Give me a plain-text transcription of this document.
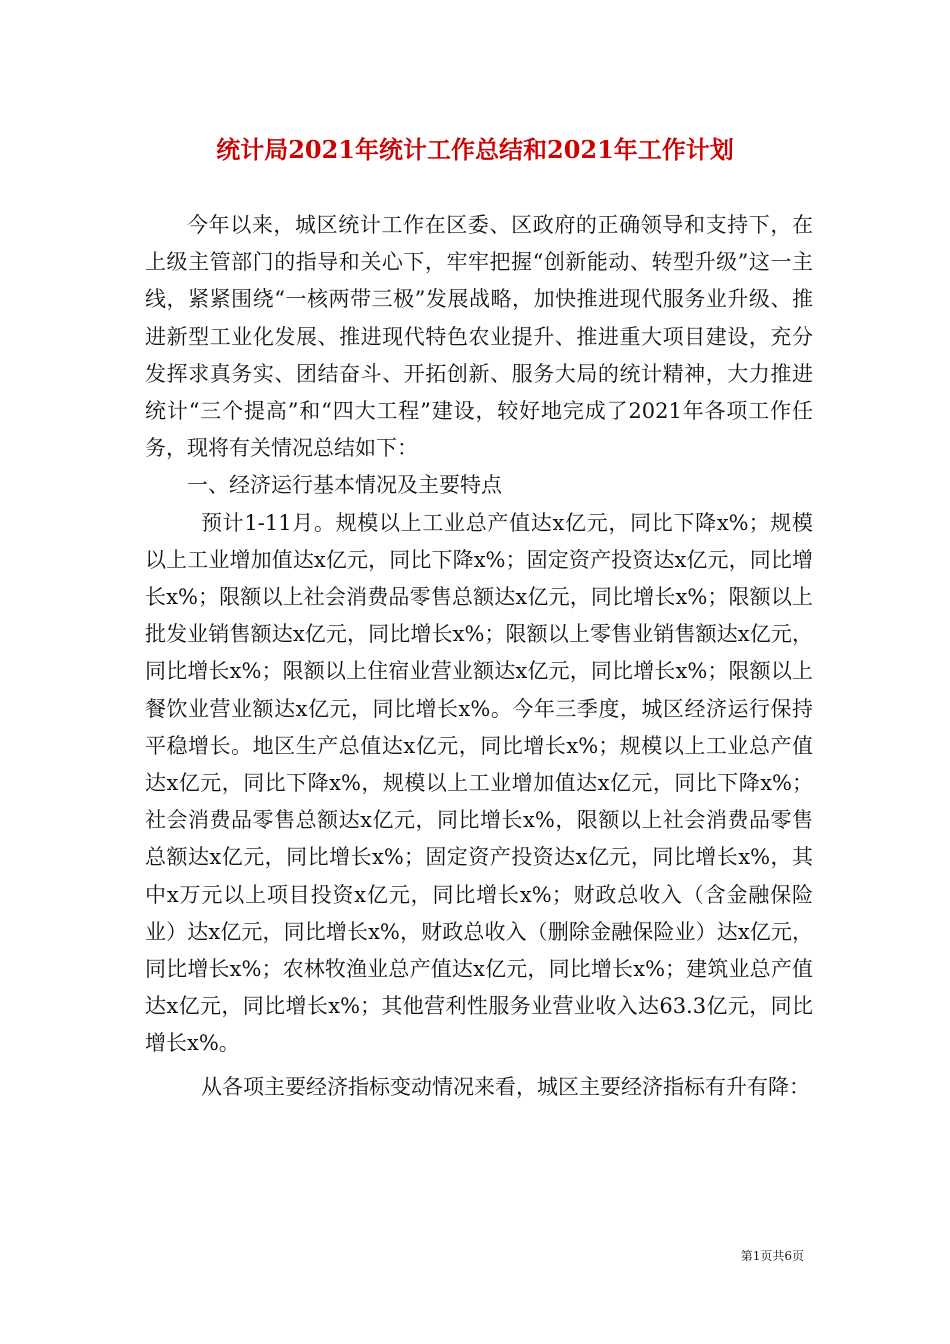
统计局2021年统计工作总结和2021年工作计划

今年以来，城区统计工作在区委、区政府的正确领导和支持下，在上级主管部门的指导和关心下，牢牢把握“创新能动、转型升级”这一主线，紧紧围绕“一核两带三极”发展战略，加快推进现代服务业升级、推进新型工业化发展、推进现代特色农业提升、推进重大项目建设，充分发挥求真务实、团结奋斗、开拓创新、服务大局的统计精神，大力推进统计“三个提高”和“四大工程”建设，较好地完成了2021年各项工作任务，现将有关情况总结如下：

一、经济运行基本情况及主要特点

预计1-11月。规模以上工业总产值达x亿元，同比下降x%；规模以上工业增加值达x亿元，同比下降x%；固定资产投资达x亿元，同比增长x%；限额以上社会消费品零售总额达x亿元，同比增长x%；限额以上批发业销售额达x亿元，同比增长x%；限额以上零售业销售额达x亿元，同比增长x%；限额以上住宿业营业额达x亿元，同比增长x%；限额以上餐饮业营业额达x亿元，同比增长x%。今年三季度，城区经济运行保持平稳增长。地区生产总值达x亿元，同比增长x%；规模以上工业总产值达x亿元，同比下降x%，规模以上工业增加值达x亿元，同比下降x%；社会消费品零售总额达x亿元，同比增长x%，限额以上社会消费品零售总额达x亿元，同比增长x%；固定资产投资达x亿元，同比增长x%，其中x万元以上项目投资x亿元，同比增长x%；财政总收入（含金融保险业）达x亿元，同比增长x%，财政总收入（删除金融保险业）达x亿元，同比增长x%；农林牧渔业总产值达x亿元，同比增长x%；建筑业总产值达x亿元，同比增长x%；其他营利性服务业营业收入达63.3亿元，同比增长x%。

从各项主要经济指标变动情况来看，城区主要经济指标有升有降：

第1页共6页
